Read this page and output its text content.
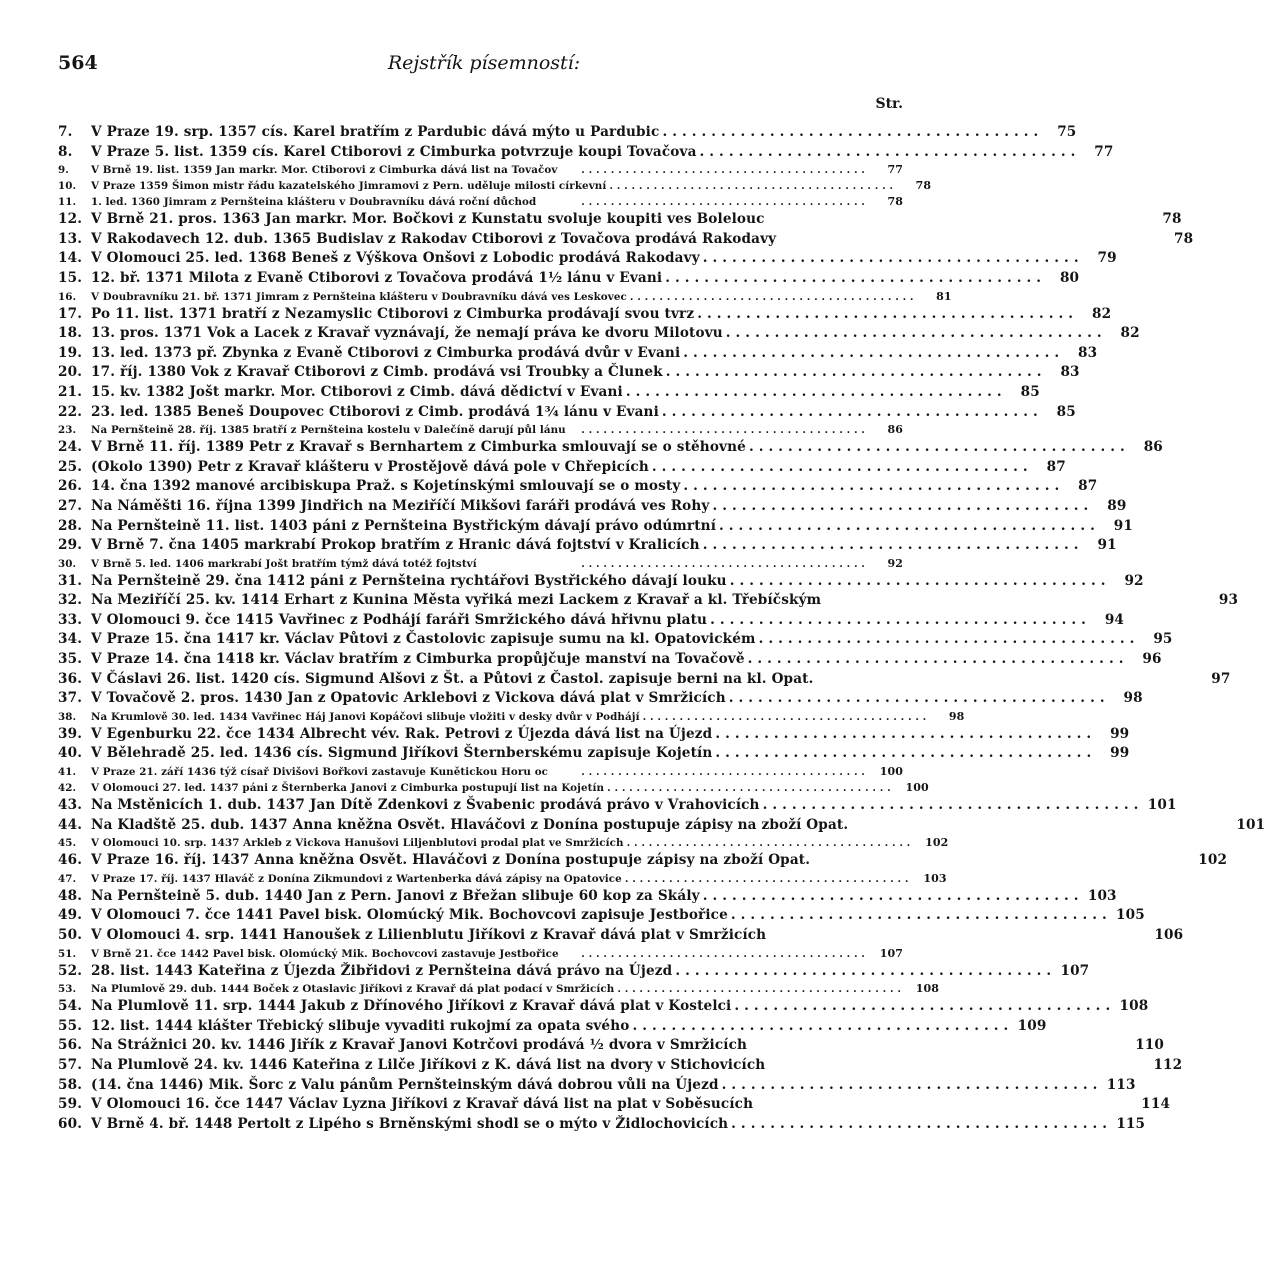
564	Rejstřík písemností:
Str.
7.	V Praze 19. srp. 1357 cís. Karel bratřím z Pardubic dává mýto u Pardubic . . .	75
8.	V Praze 5. list. 1359 cís. Karel Ctiborovi z Cimburka potvrzuje koupi Tovačova . . .	77
9.	V Brně 19. list. 1359 Jan markr. Mor. Ctiborovi z Cimburka dává list na Tovačov . . .	77
10.	V Praze 1359 Šimon mistr řádu kazatelského Jimramovi z Pern. uděluje milosti církevní . . .	78
11.	1. led. 1360 Jimram z Pernšteina klášteru v Doubravníku dává roční důchod . . .	78
12. V Brně 21. pros. 1363 Jan markr. Mor. Bočkovi z Kunstatu svoluje koupiti ves Bolelouc	78
13. V Rakodavech 12. dub. 1365 Budislav z Rakodav Ctiborovi z Tovačova prodává Rakodavy	78
14. V Olomouci 25. led. 1368 Beneš z Výškova Onšovi z Lobodic prodává Rakodavy . . .	79
15. 12. bř. 1371 Milota z Evaně Ctiborovi z Tovačova prodává 1½ lánu v Evani . . .	80
16.	V Doubravníku 21. bř. 1371 Jimram z Pernšteina klášteru v Doubravníku dává ves Leskovec . . .	81
17. Po 11. list. 1371 bratří z Nezamyslic Ctiborovi z Cimburka prodávají svou tvrz . . .	82
18. 13. pros. 1371 Vok a Lacek z Kravař vyznávají, že nemají práva ke dvoru Milotovu . . .	82
19. 13. led. 1373 př. Zbynka z Evaně Ctiborovi z Cimburka prodává dvůr v Evani . . .	83
20. 17. říj. 1380 Vok z Kravař Ctiborovi z Cimb. prodává vsi Troubky a Člunek . . .	83
21. 15. kv. 1382 Jošt markr. Mor. Ctiborovi z Cimb. dává dědictví v Evani . . .	85
22. 23. led. 1385 Beneš Doupovec Ctiborovi z Cimb. prodává 1¾ lánu v Evani . . .	85
23.	Na Pernšteině 28. říj. 1385 bratří z Pernšteina kostelu v Dalečíně darují půl lánu . . .	86
24. V Brně 11. říj. 1389 Petr z Kravař s Bernhartem z Cimburka smlouvají se o stěhovné . . .	86
25. (Okolo 1390) Petr z Kravař klášteru v Prostějově dává pole v Chřepicích . . .	87
26. 14. čna 1392 manové arcibiskupa Praž. s Kojetínskými smlouvají se o mosty . . .	87
27. Na Náměšti 16. října 1399 Jindřich na Meziříčí Mikšovi faráři prodává ves Rohy . . .	89
28. Na Pernšteině 11. list. 1403 páni z Pernšteina Bystřickým dávají právo odúmrtní . . .	91
29. V Brně 7. čna 1405 markrabí Prokop bratřím z Hranic dává fojtství v Kralicích . . .	91
30.	V Brně 5. led. 1406 markrabí Jošt bratřím týmž dává totéž fojtství . . .	92
31. Na Pernšteině 29. čna 1412 páni z Pernšteina rychtářovi Bystřického dávají louku . . .	92
32. Na Meziříčí 25. kv. 1414 Erhart z Kunina Města vyřiká mezi Lackem z Kravař a kl. Třebíčským	93
33. V Olomouci 9. čce 1415 Vavřinec z Podhájí faráři Smržického dává hřivnu platu . . .	94
34. V Praze 15. čna 1417 kr. Václav Půtovi z Častolovic zapisuje sumu na kl. Opatovickém . . .	95
35. V Praze 14. čna 1418 kr. Václav bratřím z Cimburka propůjčuje manství na Tovačově . . .	96
36. V Čáslavi 26. list. 1420 cís. Sigmund Alšovi z Št. a Půtovi z Častol. zapisuje berni na kl. Opat.	97
37. V Tovačově 2. pros. 1430 Jan z Opatovic Arklebovi z Vickova dává plat v Smržicích . . .	98
38.	Na Krumlově 30. led. 1434 Vavřinec Háj Janovi Kopáčovi slibuje vložiti v desky dvůr v Podhájí . . .	98
39. V Egenburku 22. čce 1434 Albrecht vév. Rak. Petrovi z Újezda dává list na Újezd . . .	99
40. V Bělehradě 25. led. 1436 cís. Sigmund Jiříkovi Šternberskému zapisuje Kojetín . . .	99
41.	V Praze 21. září 1436 týž císař Divišovi Bořkovi zastavuje Kunětickou Horu oc . . .	100
42.	V Olomouci 27. led. 1437 páni z Šternberka Janovi z Cimburka postupují list na Kojetín . . .	100
43. Na Mstěnicích 1. dub. 1437 Jan Dítě Zdenkovi z Švabenic prodává právo v Vrahovicích . . .	101
44. Na Kladště 25. dub. 1437 Anna kněžna Osvět. Hlaváčovi z Donína postupuje zápisy na zboží Opat.	101
45.	V Olomouci 10. srp. 1437 Arkleb z Vickova Hanušovi Liljenblutovi prodal plat ve Smržicích . . .	102
46. V Praze 16. říj. 1437 Anna kněžna Osvět. Hlaváčovi z Donína postupuje zápisy na zboží Opat.	102
47.	V Praze 17. říj. 1437 Hlaváč z Donína Zikmundovi z Wartenberka dává zápisy na Opatovice . . .	103
48. Na Pernšteině 5. dub. 1440 Jan z Pern. Janovi z Břežan slibuje 60 kop za Skály . . .	103
49. V Olomouci 7. čce 1441 Pavel bisk. Olomúcký Mik. Bochovcovi zapisuje Jestbořice . . .	105
50. V Olomouci 4. srp. 1441 Hanoušek z Lilienblutu Jiříkovi z Kravař dává plat v Smržicích	106
51.	V Brně 21. čce 1442 Pavel bisk. Olomúcký Mik. Bochovcovi zastavuje Jestbořice . . .	107
52. 28. list. 1443 Kateřina z Újezda Žibřidovi z Pernšteina dává právo na Újezd . . .	107
53.	Na Plumlově 29. dub. 1444 Boček z Otaslavic Jiříkovi z Kravař dá plat podací v Smržicích . . .	108
54. Na Plumlově 11. srp. 1444 Jakub z Dřínového Jiříkovi z Kravař dává plat v Kostelci . . .	108
55. 12. list. 1444 klášter Třebický slibuje vyvaditi rukojmí za opata svého . . .	109
56. Na Strážnici 20. kv. 1446 Jiřík z Kravař Janovi Kotrčovi prodává ½ dvora v Smržicích	110
57. Na Plumlově 24. kv. 1446 Kateřina z Lilče Jiříkovi z K. dává list na dvory v Stichovicích	112
58. (14. čna 1446) Mik. Šorc z Valu pánům Pernšteinským dává dobrou vůli na Újezd . . .	113
59. V Olomouci 16. čce 1447 Václav Lyzna Jiříkovi z Kravař dává list na plat v Soběsucích	114
60. V Brně 4. bř. 1448 Pertolt z Lipého s Brněnskými shodl se o mýto v Židlochovicích . . .	115
